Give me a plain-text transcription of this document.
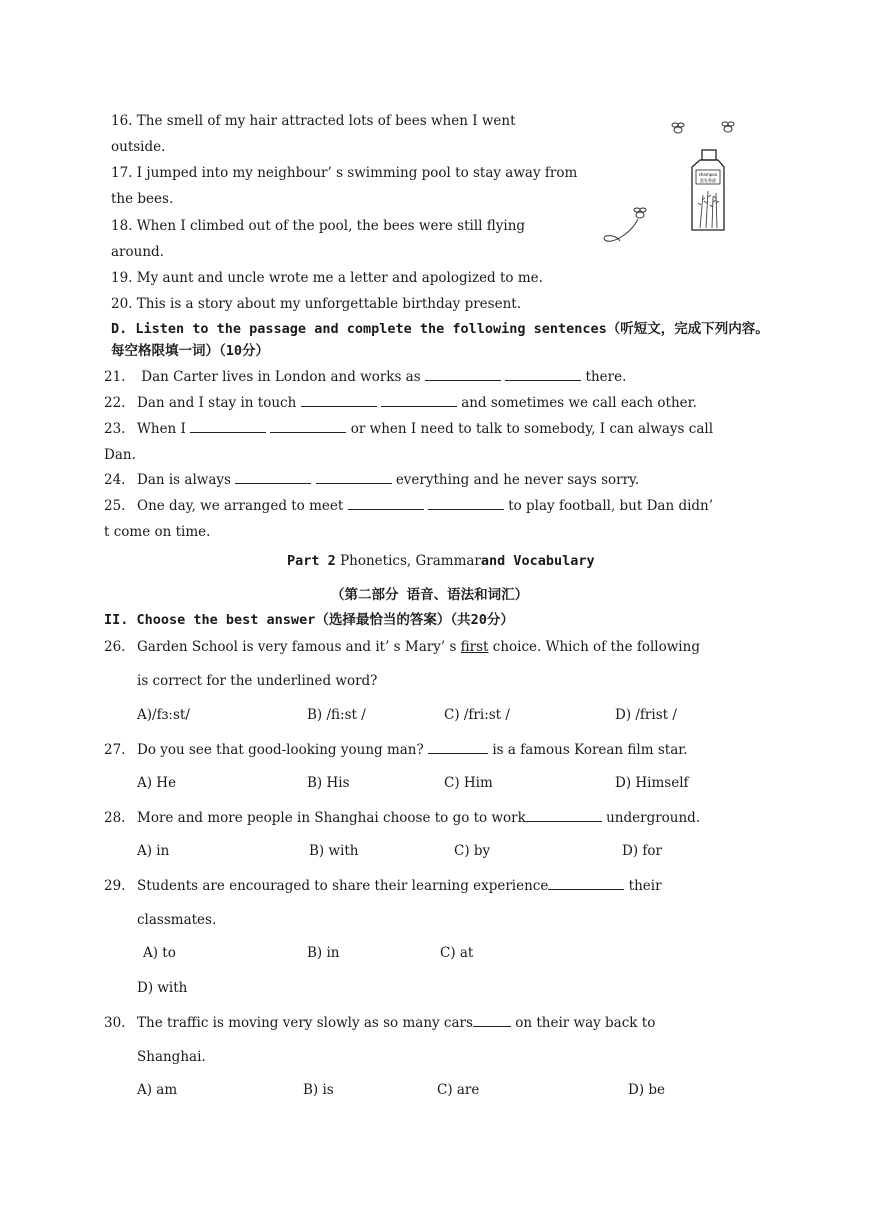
16. The smell of my hair attracted lots of bees when I went
outside.
17. I jumped into my neighbour’ s swimming pool to stay away from
the bees.
18. When I climbed out of the pool, the bees were still flying
around.
19. My aunt and uncle wrote me a letter and apologized to me.
20. This is a story about my unforgettable birthday present.
shampoo
洗发香波
D. Listen to the passage and complete the following sentences（听短文，完成下列内容。
每空格限填一词）（10分）
21. Dan Carter lives in London and works as	there.
22. Dan and I stay in touch	and sometimes we call each other.
23. When I	or when I need to talk to somebody, I can always call
Dan.
24. Dan is always	everything and he never says sorry.
25. One day, we arranged to meet	to play football, but Dan didn’
t come on time.
Part 2 Phonetics, Grammarand Vocabulary
（第二部分 语音、语法和词汇）
II. Choose the best answer（选择最恰当的答案）（共20分）
26. Garden School is very famous and it’ s Mary’ s first choice. Which of the following
is correct for the underlined word?
A)/fɜːst/	B) /fi:st /	C) /fri:st /	D) /frist /
27. Do you see that good-looking young man?	is a famous Korean film star.
A) He	B) His	C) Him	D) Himself
28. More and more people in Shanghai choose to go to work	underground.
A) in	B) with	C) by	D) for
29. Students are encouraged to share their learning experience	their
classmates.
A) to	B) in	C) at
D) with
30. The traffic is moving very slowly as so many cars	on their way back to
Shanghai.
A) am	B) is	C) are	D) be
